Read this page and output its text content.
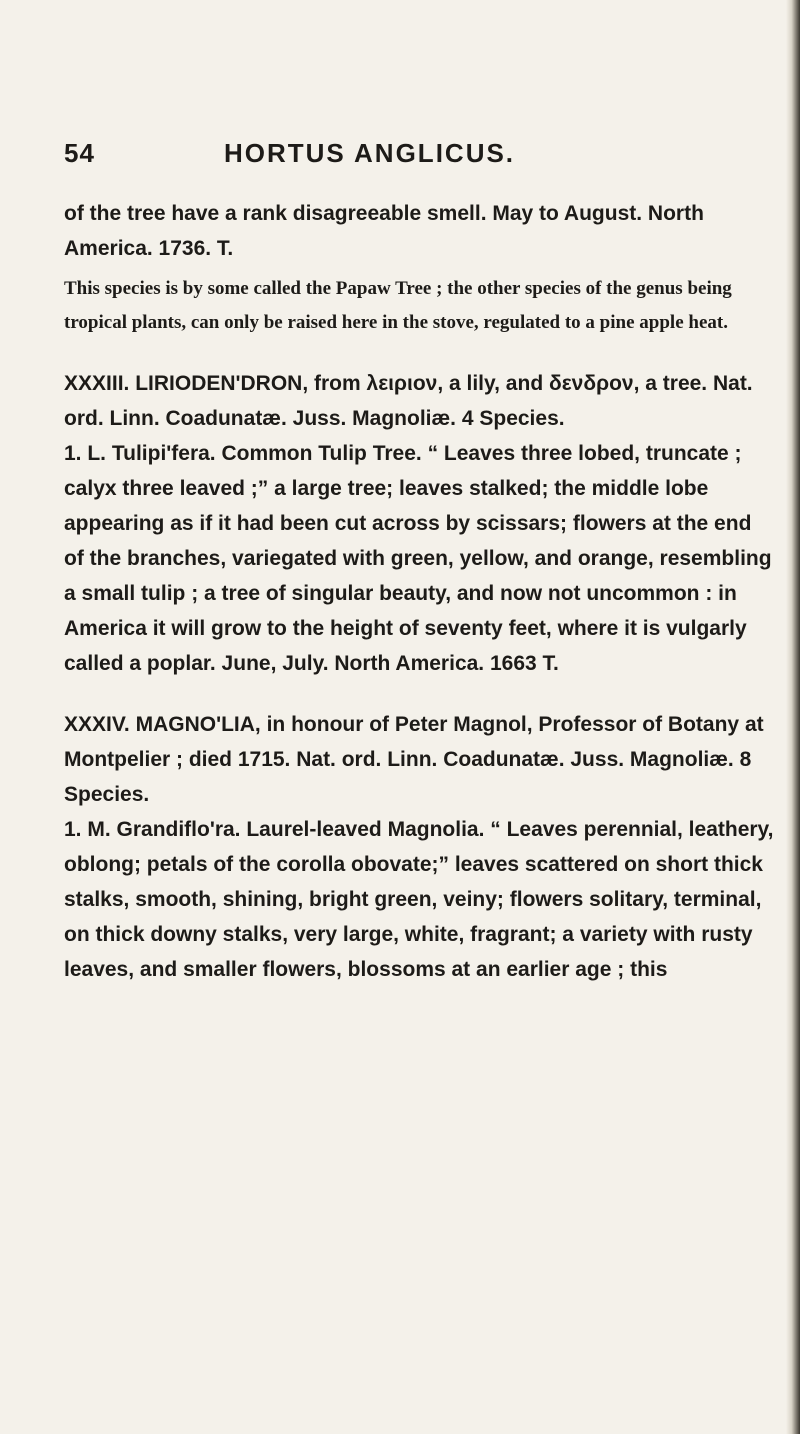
54	HORTUS ANGLICUS.

of the tree have a rank disagreeable smell. May to August. North America. 1736. T.

This species is by some called the Papaw Tree ; the other species of the genus being tropical plants, can only be raised here in the stove, regulated to a pine apple heat.

XXXIII. LIRIODEN'DRON, from λειριον, a lily, and δενδρον, a tree. Nat. ord. Linn. Coadunatæ. Juss. Magnoliæ. 4 Species.

1. L. Tulipi'fera. Common Tulip Tree. “ Leaves three lobed, truncate ; calyx three leaved ;” a large tree; leaves stalked; the middle lobe appearing as if it had been cut across by scissars; flowers at the end of the branches, variegated with green, yellow, and orange, resembling a small tulip ; a tree of singular beauty, and now not uncommon : in America it will grow to the height of seventy feet, where it is vulgarly called a poplar. June, July. North America. 1663 T.

XXXIV. MAGNO'LIA, in honour of Peter Magnol, Professor of Botany at Montpelier ; died 1715. Nat. ord. Linn. Coadunatæ. Juss. Magnoliæ. 8 Species.

1. M. Grandiflo'ra. Laurel-leaved Magnolia. “ Leaves perennial, leathery, oblong; petals of the corolla obovate;” leaves scattered on short thick stalks, smooth, shining, bright green, veiny; flowers solitary, terminal, on thick downy stalks, very large, white, fragrant; a variety with rusty leaves, and smaller flowers, blossoms at an earlier age ; this
